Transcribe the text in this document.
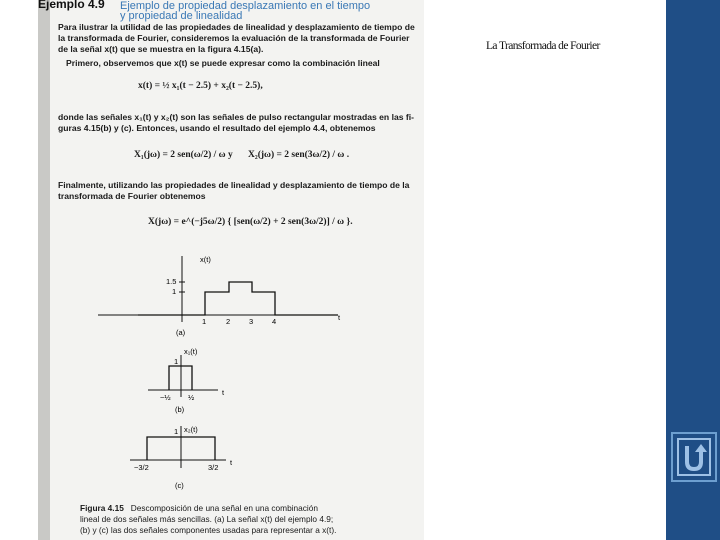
Ejemplo 4.9 Ejemplo de propiedad desplazamiento en el tiempo
y propiedad de linealidad
Para ilustrar la utilidad de las propiedades de linealidad y desplazamiento de tiempo de
la transformada de Fourier, consideremos la evaluación de la transformada de Fourier
de la señal x(t) que se muestra en la figura 4.15(a).
Primero, observemos que x(t) se puede expresar como la combinación lineal
x(t) = ½ x₁(t − 2.5) + x₂(t − 2.5),
donde las señales x₁(t) y x₂(t) son las señales de pulso rectangular mostradas en las fi-
guras 4.15(b) y (c). Entonces, usando el resultado del ejemplo 4.4, obtenemos
X₁(jω) = 2 sen(ω/2) / ω y X₂(jω) = 2 sen(3ω/2) / ω .
Finalmente, utilizando las propiedades de linealidad y desplazamiento de tiempo de la
transformada de Fourier obtenemos
X(jω) = e^(−j5ω/2) { [sen(ω/2) + 2 sen(3ω/2)] / ω }.
x(t)
1.5
1
1	2	3	4	t
(a)
x₁(t)
1
−½ ½
t
(b)
x₂(t)
1
−3/2	3/2
t
(c)
Figura 4.15 Descomposición de una señal en una combinación
lineal de dos señales más sencillas. (a) La señal x(t) del ejemplo 4.9;
(b) y (c) las dos señales componentes usadas para representar a x(t).
La Transformada de Fourier
